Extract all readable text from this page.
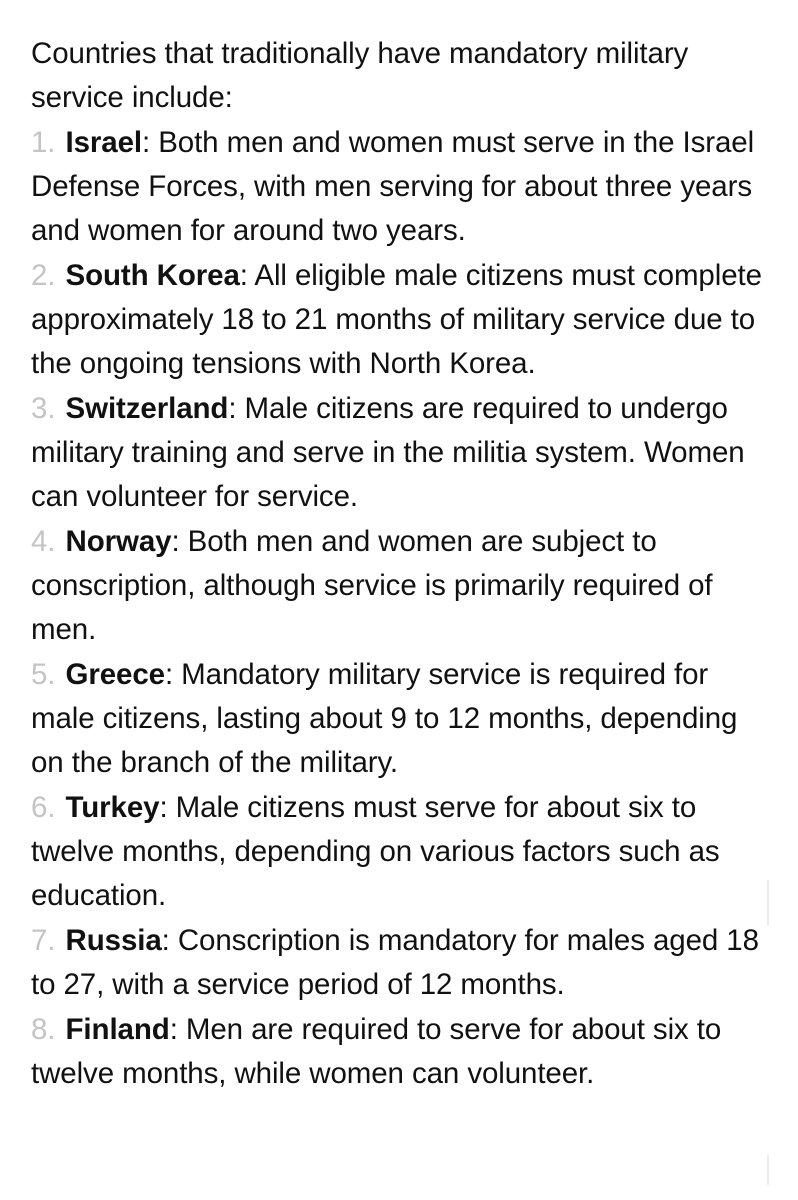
Countries that traditionally have mandatory military service include:

1. Israel: Both men and women must serve in the Israel Defense Forces, with men serving for about three years and women for around two years.
2. South Korea: All eligible male citizens must complete approximately 18 to 21 months of military service due to the ongoing tensions with North Korea.
3. Switzerland: Male citizens are required to undergo military training and serve in the militia system. Women can volunteer for service.
4. Norway: Both men and women are subject to conscription, although service is primarily required of men.
5. Greece: Mandatory military service is required for male citizens, lasting about 9 to 12 months, depending on the branch of the military.
6. Turkey: Male citizens must serve for about six to twelve months, depending on various factors such as education.
7. Russia: Conscription is mandatory for males aged 18 to 27, with a service period of 12 months.
8. Finland: Men are required to serve for about six to twelve months, while women can volunteer.
